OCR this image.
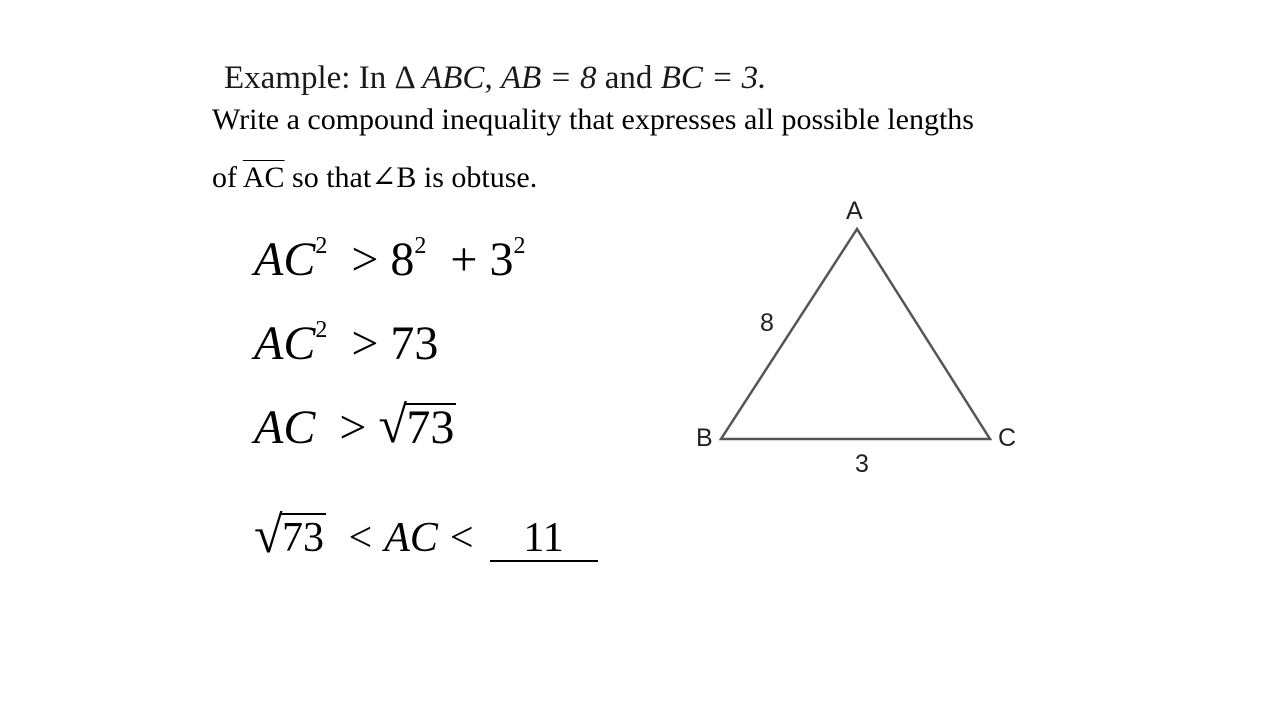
Example: In Δ ABC, AB = 8 and BC = 3.
Write a compound inequality that expresses all possible lengths
of $\overline{AC}$ so that∠B is obtuse.
$AC^2 > 8^2 + 3^2$
$AC^2 > 73$
AC > √ 73
√ 73 < AC < 11
A
B	C
8
3
